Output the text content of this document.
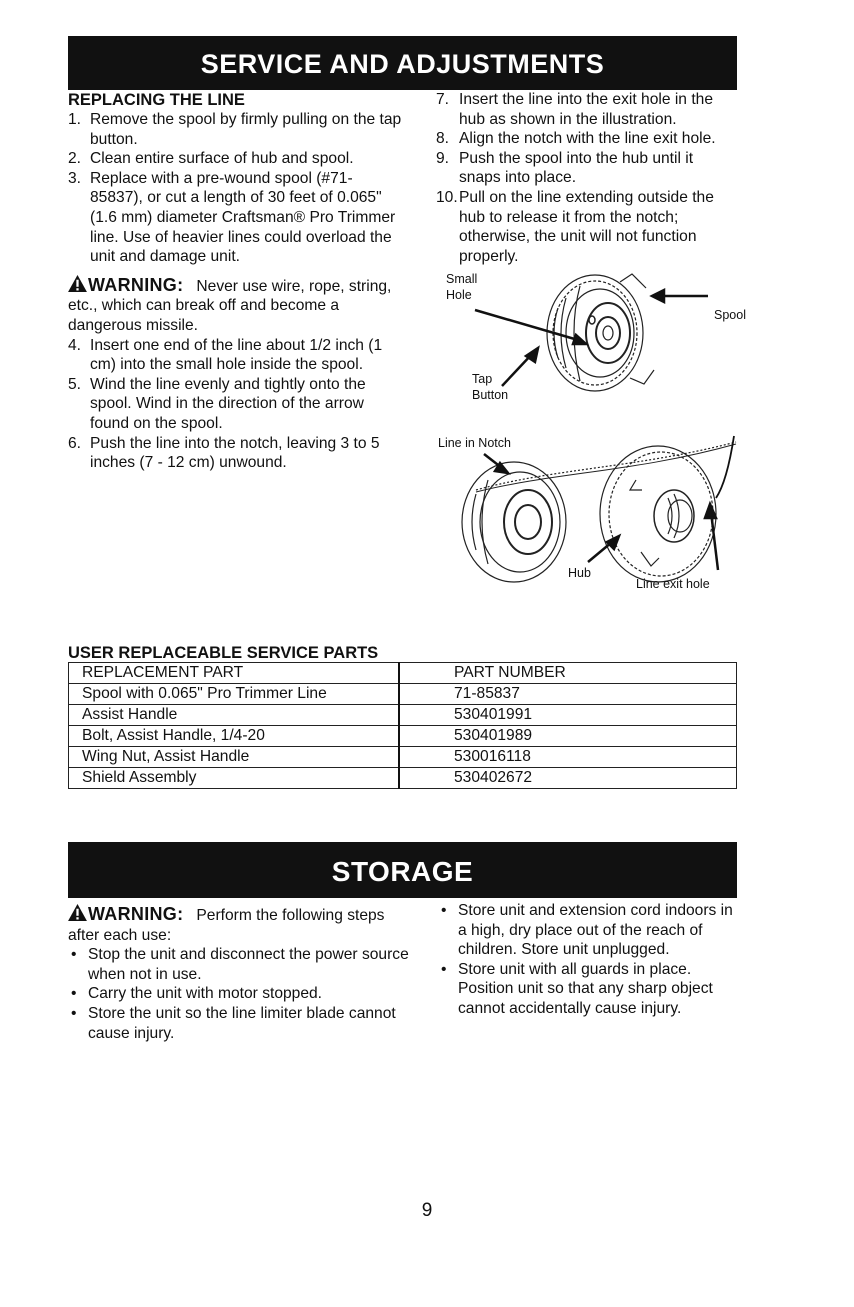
SERVICE AND ADJUSTMENTS
REPLACING THE LINE
1. Remove the spool by firmly pulling on the tap button.
2. Clean entire surface of hub and spool.
3. Replace with a pre-wound spool (#71-85837), or cut a length of 30 feet of 0.065" (1.6 mm) diameter Craftsman® Pro Trimmer line. Use of heavier lines could overload the unit and damage unit.
WARNING: Never use wire, rope, string, etc., which can break off and become a dangerous missile.
4. Insert one end of the line about 1/2 inch (1 cm) into the small hole inside the spool.
5. Wind the line evenly and tightly onto the spool. Wind in the direction of the arrow found on the spool.
6. Push the line into the notch, leaving 3 to 5 inches (7 - 12 cm) unwound.
7. Insert the line into the exit hole in the hub as shown in the illustration.
8. Align the notch with the line exit hole.
9. Push the spool into the hub until it snaps into place.
10. Pull on the line extending outside the hub to release it from the notch; otherwise, the unit will not function properly.
Small
Hole
Spool
Tap
Button
Line in Notch
Hub
Line exit hole
USER REPLACEABLE SERVICE PARTS
REPLACEMENT PART	PART NUMBER
Spool with 0.065" Pro Trimmer Line	71-85837
Assist Handle	530401991
Bolt, Assist Handle, 1/4-20	530401989
Wing Nut, Assist Handle	530016118
Shield Assembly	530402672
STORAGE
WARNING: Perform the following steps after each use:
• Stop the unit and disconnect the power source when not in use.
• Carry the unit with motor stopped.
• Store the unit so the line limiter blade cannot cause injury.
• Store unit and extension cord indoors in a high, dry place out of the reach of children. Store unit unplugged.
• Store unit with all guards in place. Position unit so that any sharp object cannot accidentally cause injury.
9
